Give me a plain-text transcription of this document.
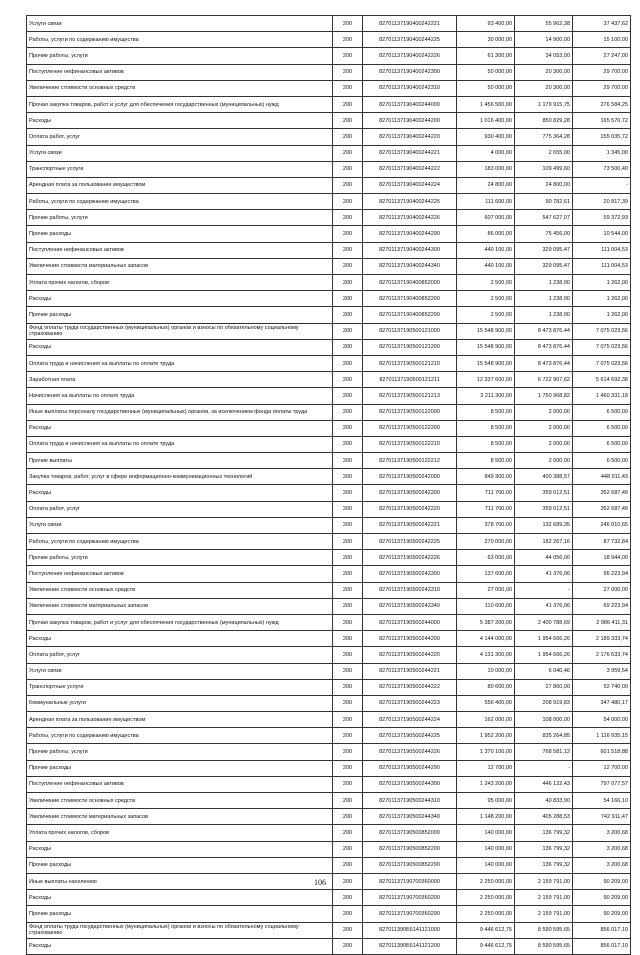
Услуги связи	200	82701137190400242221	93 400,00	55 962,38	37 437,62
Работы, услуги по содержанию имущества	200	82701137190400244225	30 000,00	14 900,00	15 100,00
Прочие работы, услуги	200	82701137190400242226	61 300,00	34 053,00	27 247,00
Поступление нефинансовых активов	200	82701137190400242300	50 000,00	20 300,00	29 700,00
Увеличение стоимости основных средств	200	82701137190400242310	50 000,00	20 300,00	29 700,00
Прочая закупка товаров, работ и услуг для обеспечения государственных (муниципальных) нужд	200	82701137190400244000	1 456 500,00	1 179 915,75	276 584,25
Расходы	200	82701137190400244200	1 016 400,00	850 829,28	165 570,72
Оплата работ, услуг	200	82701137190400244220	930 400,00	775 364,28	155 035,72
Услуги связи	200	82701137190400244221	4 000,00	2 655,00	1 345,00
Транспортные услуги	200	82701137190400244222	183 000,00	109 499,60	73 500,40
Арендная плата за пользование имуществом	200	82701137190400244224	24 800,00	24 800,00	-
Работы, услуги по содержанию имущества	200	82701137190400244225	111 600,00	90 782,61	20 817,39
Прочие работы, услуги	200	82701137190400244226	607 000,00	547 627,07	59 372,93
Прочие расходы	200	82701137190400244290	86 000,00	75 456,00	10 544,00
Поступление нефинансовых активов	200	82701137190400244300	440 100,00	329 095,47	111 004,53
Увеличение стоимости материальных запасов	200	82701137190400244340	440 100,00	329 095,47	111 004,53
Уплата прочих налогов, сборов	200	82701137190400852000	2 500,00	1 238,00	1 262,00
Расходы	200	82701137190400852200	2 500,00	1 238,00	1 262,00
Прочие расходы	200	82701137190400852290	2 500,00	1 238,00	1 262,00
Фонд оплаты труда государственных (муниципальных) органов и взносы по обязательному социальному страхованию	200	82701137190500121000	15 548 900,00	8 473 876,44	7 075 023,56
Расходы	200	82701137190500121200	15 548 900,00	8 473 876,44	7 075 023,56
Оплата труда и начисления на выплаты по оплате труда	200	82701137190500121210	15 548 900,00	8 473 876,44	7 075 023,56
Заработная плата	200	82701137190500121211	12 337 600,00	6 722 907,62	5 614 692,38
Начисления на выплаты по оплате труда	200	82701137190500121213	3 211 300,00	1 750 968,82	1 460 331,18
Иные выплаты персоналу государственных (муниципальных) органов, за исключением фонда оплаты труда	200	82701137190500122000	8 500,00	2 000,00	6 500,00
Расходы	200	82701137190500122200	8 500,00	2 000,00	6 500,00
Оплата труда и начисления на выплаты по оплате труда	200	82701137190500122210	8 500,00	2 000,00	6 500,00
Прочие выплаты	200	82701137190500122212	8 500,00	2 000,00	6 500,00
Закупка товаров, работ, услуг в сфере информационно-коммуникационных технологий	200	82701137190500242000	849 300,00	400 388,57	448 911,43
Расходы	200	82701137190500242200	711 700,00	359 012,51	352 687,49
Оплата работ, услуг	200	82701137190500242220	711 700,00	359 012,51	352 687,49
Услуги связи	200	82701137190500242221	378 700,00	132 689,35	246 010,65
Работы, услуги по содержанию имущества	200	82701137190500242225	270 000,00	182 267,16	87 732,84
Прочие работы, услуги	200	82701137190500242226	63 000,00	44 056,00	18 944,00
Поступление нефинансовых активов	200	82701137190500242300	137 600,00	41 376,06	96 223,94
Увеличение стоимости основных средств	200	82701137190500242310	27 000,00	-	27 000,00
Увеличение стоимости материальных запасов	200	82701137190500242340	110 600,00	41 376,06	69 223,94
Прочая закупка товаров, работ и услуг для обеспечения государственных (муниципальных) нужд	200	82701137190500244000	5 387 200,00	2 400 788,69	2 986 411,31
Расходы	200	82701137190500244200	4 144 000,00	1 954 666,26	2 189 333,74
Оплата работ, услуг	200	82701137190500244220	4 131 300,00	1 954 666,26	2 176 633,74
Услуги связи	200	82701137190500244221	10 000,00	6 040,46	3 959,54
Транспортные услуги	200	82701137190500244222	80 600,00	27 860,00	52 740,00
Коммунальные услуги	200	82701137190500244223	556 400,00	208 919,83	347 480,17
Арендная плата за пользование имуществом	200	82701137190500244224	162 000,00	108 000,00	54 000,00
Работы, услуги по содержанию имущества	200	82701137190500244225	1 952 200,00	835 264,85	1 116 935,15
Прочие работы, услуги	200	82701137190500244226	1 370 100,00	768 581,12	601 518,88
Прочие расходы	200	82701137190500244290	12 700,00	-	12 700,00
Поступление нефинансовых активов	200	82701137190500244300	1 243 200,00	446 122,43	797 077,57
Увеличение стоимости основных средств	200	82701137190500244310	95 000,00	40 833,90	54 166,10
Увеличение стоимости материальных запасов	200	82701137190500244340	1 148 200,00	405 288,53	742 911,47
Уплата прочих налогов, сборов	200	82701137190500852000	140 000,00	136 799,32	3 200,68
Расходы	200	82701137190500852200	140 000,00	136 799,32	3 200,68
Прочие расходы	200	82701137190500852290	140 000,00	136 799,32	3 200,68
Иные выплаты населению	200	82701137190700360000	2 250 000,00	2 159 791,00	90 209,00
Расходы	200	82701137190700360200	2 250 000,00	2 159 791,00	90 209,00
Прочие расходы	200	82701137190700360290	2 250 000,00	2 159 791,00	90 209,00
Фонд оплаты труда государственных (муниципальных) органов и взносы по обязательному социальному страхованию	200	827011390Б5141121000	9 446 612,75	8 590 595,65	856 017,10
Расходы	200	827011390Б5141121200	9 446 612,75	8 590 595,65	856 017,10
106
